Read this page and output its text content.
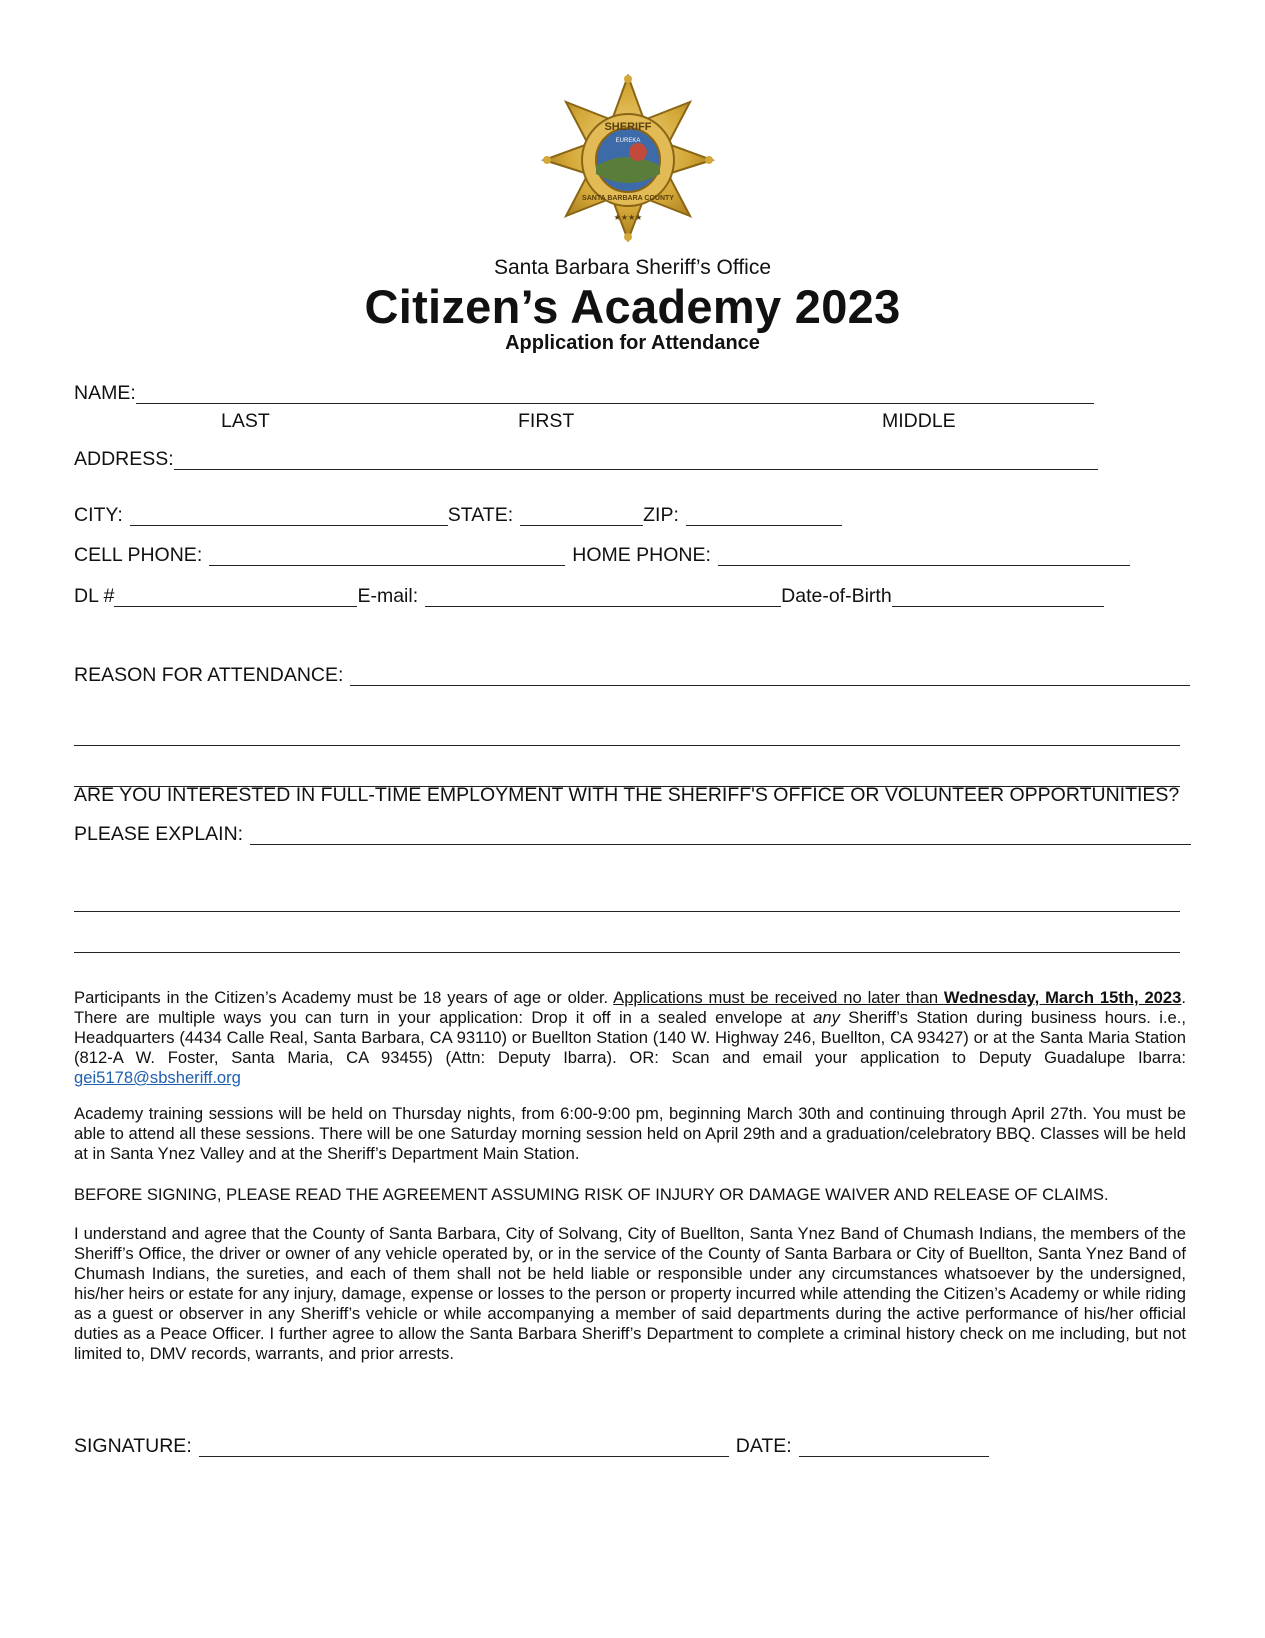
SHERIFF
EUREKA
SANTA BARBARA COUNTY
★★★★
Santa Barbara Sheriff’s Office
Citizen’s Academy 2023
Application for Attendance
NAME:
LAST	FIRST	MIDDLE
ADDRESS:
CITY:	STATE:	ZIP:
CELL PHONE:	HOME PHONE:
DL #	E-mail:	Date-of-Birth
REASON FOR ATTENDANCE:
ARE YOU INTERESTED IN FULL-TIME EMPLOYMENT WITH THE SHERIFF'S OFFICE OR VOLUNTEER OPPORTUNITIES?
PLEASE EXPLAIN:
Participants in the Citizen’s Academy must be 18 years of age or older. Applications must be received no later than Wednesday, March 15th, 2023. There are multiple ways you can turn in your application: Drop it off in a sealed envelope at any Sheriff’s Station during business hours. i.e., Headquarters (4434 Calle Real, Santa Barbara, CA 93110) or Buellton Station (140 W. Highway 246, Buellton, CA 93427) or at the Santa Maria Station (812-A W. Foster, Santa Maria, CA 93455) (Attn: Deputy Ibarra). OR: Scan and email your application to Deputy Guadalupe Ibarra: gei5178@sbsheriff.org
Academy training sessions will be held on Thursday nights, from 6:00-9:00 pm, beginning March 30th and continuing through April 27th. You must be able to attend all these sessions. There will be one Saturday morning session held on April 29th and a graduation/celebratory BBQ. Classes will be held at in Santa Ynez Valley and at the Sheriff’s Department Main Station.
BEFORE SIGNING, PLEASE READ THE AGREEMENT ASSUMING RISK OF INJURY OR DAMAGE WAIVER AND RELEASE OF CLAIMS.
I understand and agree that the County of Santa Barbara, City of Solvang, City of Buellton, Santa Ynez Band of Chumash Indians, the members of the Sheriff’s Office, the driver or owner of any vehicle operated by, or in the service of the County of Santa Barbara or City of Buellton, Santa Ynez Band of Chumash Indians, the sureties, and each of them shall not be held liable or responsible under any circumstances whatsoever by the undersigned, his/her heirs or estate for any injury, damage, expense or losses to the person or property incurred while attending the Citizen’s Academy or while riding as a guest or observer in any Sheriff’s vehicle or while accompanying a member of said departments during the active performance of his/her official duties as a Peace Officer. I further agree to allow the Santa Barbara Sheriff’s Department to complete a criminal history check on me including, but not limited to, DMV records, warrants, and prior arrests.
SIGNATURE:	DATE:
